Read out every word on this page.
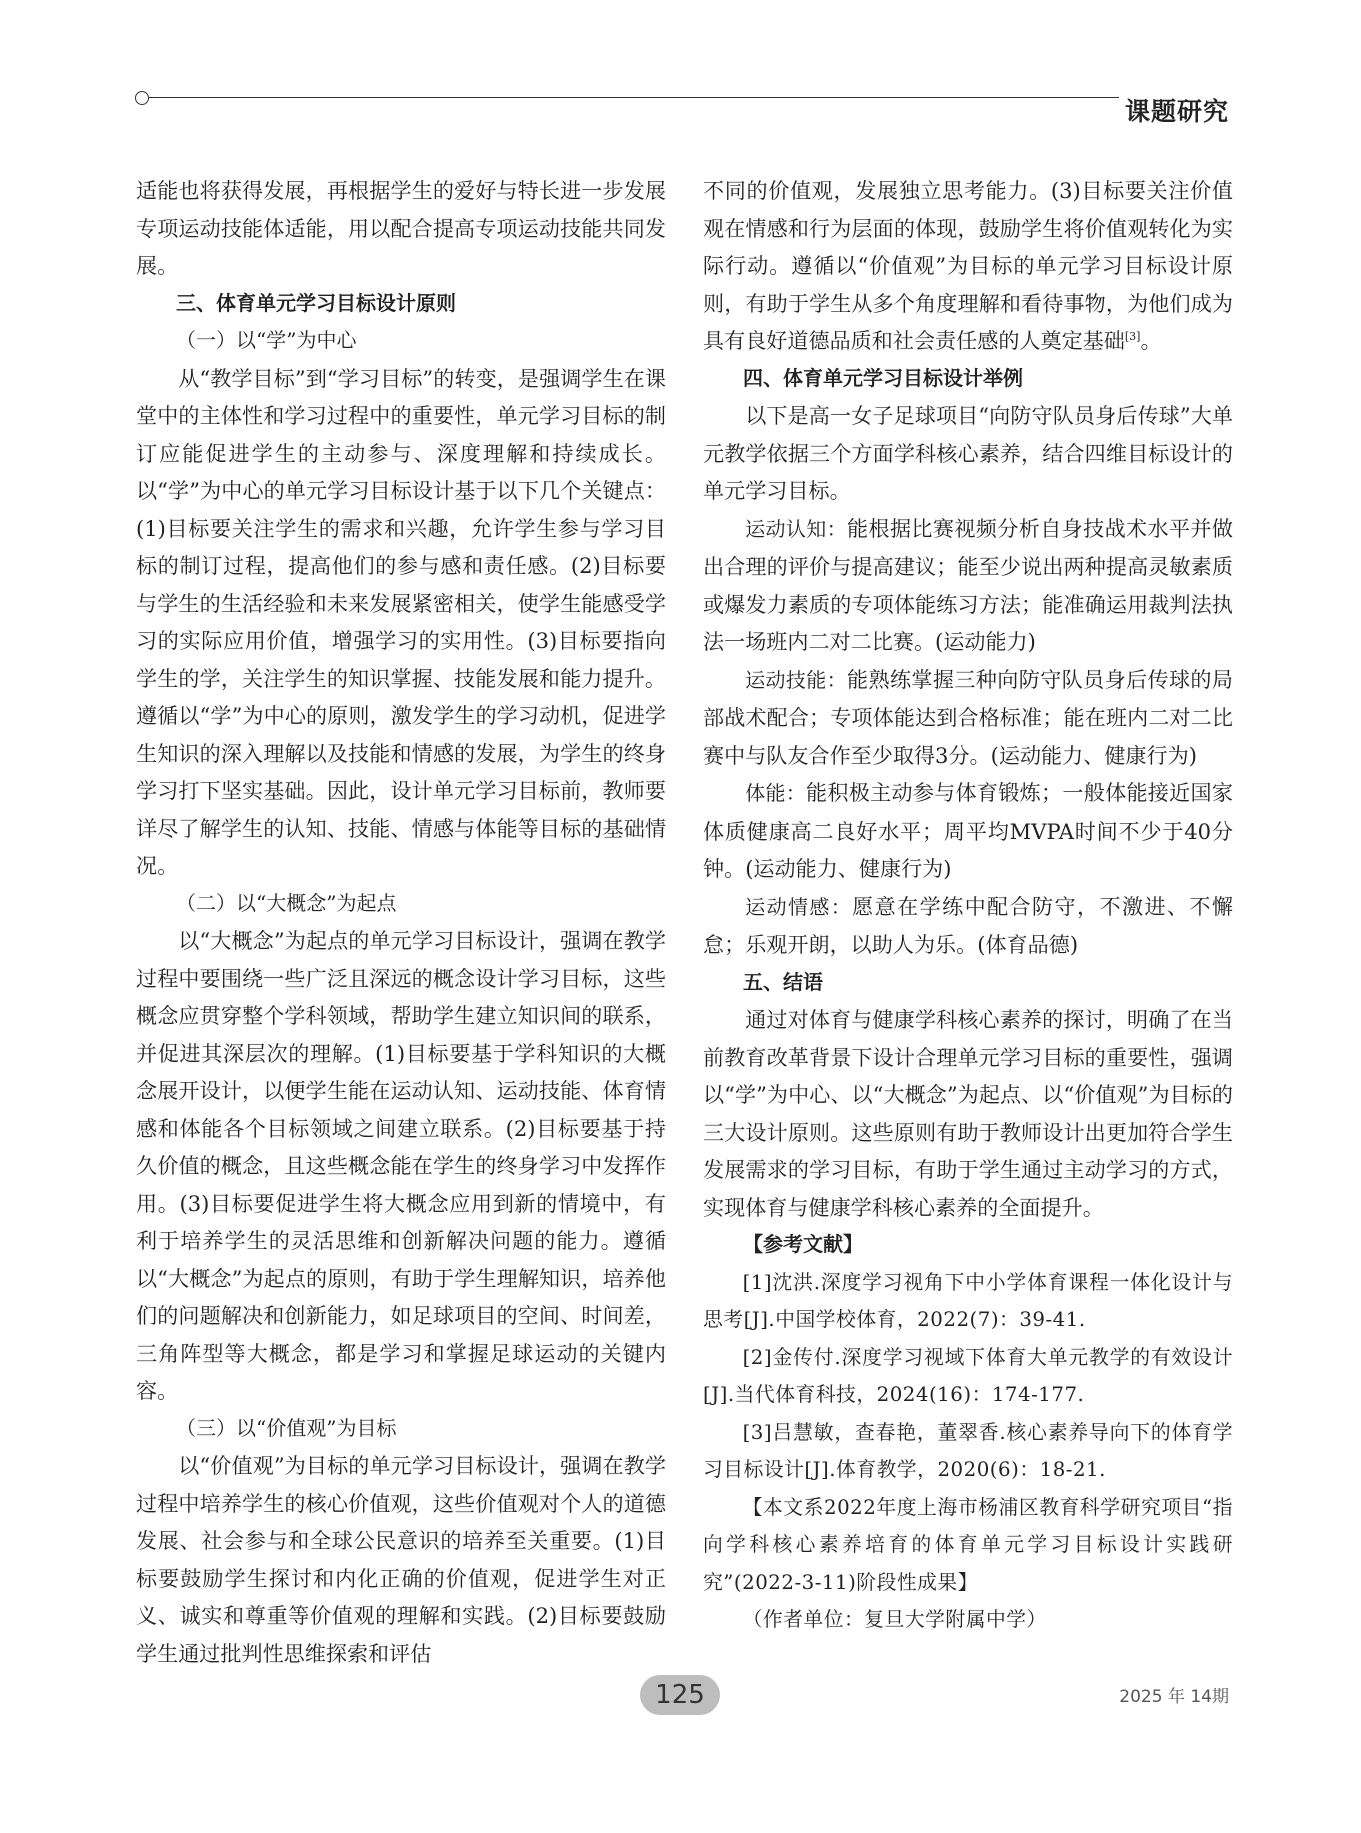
课题研究

适能也将获得发展，再根据学生的爱好与特长进一步发展专项运动技能体适能，用以配合提高专项运动技能共同发展。

三、体育单元学习目标设计原则

（一）以“学”为中心

从“教学目标”到“学习目标”的转变，是强调学生在课堂中的主体性和学习过程中的重要性，单元学习目标的制订应能促进学生的主动参与、深度理解和持续成长。以“学”为中心的单元学习目标设计基于以下几个关键点：(1)目标要关注学生的需求和兴趣，允许学生参与学习目标的制订过程，提高他们的参与感和责任感。(2)目标要与学生的生活经验和未来发展紧密相关，使学生能感受学习的实际应用价值，增强学习的实用性。(3)目标要指向学生的学，关注学生的知识掌握、技能发展和能力提升。遵循以“学”为中心的原则，激发学生的学习动机，促进学生知识的深入理解以及技能和情感的发展，为学生的终身学习打下坚实基础。因此，设计单元学习目标前，教师要详尽了解学生的认知、技能、情感与体能等目标的基础情况。

（二）以“大概念”为起点

以“大概念”为起点的单元学习目标设计，强调在教学过程中要围绕一些广泛且深远的概念设计学习目标，这些概念应贯穿整个学科领域，帮助学生建立知识间的联系，并促进其深层次的理解。(1)目标要基于学科知识的大概念展开设计，以便学生能在运动认知、运动技能、体育情感和体能各个目标领域之间建立联系。(2)目标要基于持久价值的概念，且这些概念能在学生的终身学习中发挥作用。(3)目标要促进学生将大概念应用到新的情境中，有利于培养学生的灵活思维和创新解决问题的能力。遵循以“大概念”为起点的原则，有助于学生理解知识，培养他们的问题解决和创新能力，如足球项目的空间、时间差，三角阵型等大概念，都是学习和掌握足球运动的关键内容。

（三）以“价值观”为目标

以“价值观”为目标的单元学习目标设计，强调在教学过程中培养学生的核心价值观，这些价值观对个人的道德发展、社会参与和全球公民意识的培养至关重要。(1)目标要鼓励学生探讨和内化正确的价值观，促进学生对正义、诚实和尊重等价值观的理解和实践。(2)目标要鼓励学生通过批判性思维探索和评估

不同的价值观，发展独立思考能力。(3)目标要关注价值观在情感和行为层面的体现，鼓励学生将价值观转化为实际行动。遵循以“价值观”为目标的单元学习目标设计原则，有助于学生从多个角度理解和看待事物，为他们成为具有良好道德品质和社会责任感的人奠定基础[3]。

四、体育单元学习目标设计举例

以下是高一女子足球项目“向防守队员身后传球”大单元教学依据三个方面学科核心素养，结合四维目标设计的单元学习目标。

运动认知：能根据比赛视频分析自身技战术水平并做出合理的评价与提高建议；能至少说出两种提高灵敏素质或爆发力素质的专项体能练习方法；能准确运用裁判法执法一场班内二对二比赛。(运动能力)

运动技能：能熟练掌握三种向防守队员身后传球的局部战术配合；专项体能达到合格标准；能在班内二对二比赛中与队友合作至少取得3分。(运动能力、健康行为)

体能：能积极主动参与体育锻炼；一般体能接近国家体质健康高二良好水平；周平均MVPA时间不少于40分钟。(运动能力、健康行为)

运动情感：愿意在学练中配合防守，不激进、不懈怠；乐观开朗，以助人为乐。(体育品德)

五、结语

通过对体育与健康学科核心素养的探讨，明确了在当前教育改革背景下设计合理单元学习目标的重要性，强调以“学”为中心、以“大概念”为起点、以“价值观”为目标的三大设计原则。这些原则有助于教师设计出更加符合学生发展需求的学习目标，有助于学生通过主动学习的方式，实现体育与健康学科核心素养的全面提升。

【参考文献】

[1]沈洪.深度学习视角下中小学体育课程一体化设计与思考[J].中国学校体育，2022(7)：39-41.

[2]金传付.深度学习视域下体育大单元教学的有效设计[J].当代体育科技，2024(16)：174-177.

[3]吕慧敏，查春艳，董翠香.核心素养导向下的体育学习目标设计[J].体育教学，2020(6)：18-21.

【本文系2022年度上海市杨浦区教育科学研究项目“指向学科核心素养培育的体育单元学习目标设计实践研究”(2022-3-11)阶段性成果】

（作者单位：复旦大学附属中学）

125	2025 年 14期
